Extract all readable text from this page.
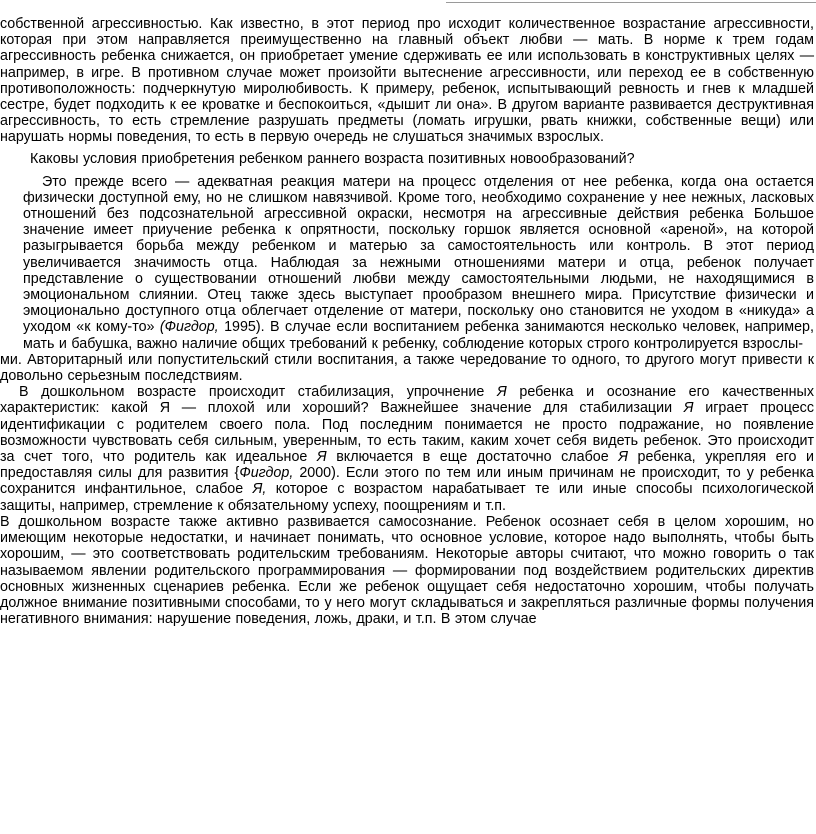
собственной агрессивностью. Как известно, в этот период про исходит количественное возрастание агрессивности, которая при этом направляется преимущественно на главный объект любви — мать. В норме к трем годам агрессивность ребенка снижается, он приобретает умение сдерживать ее или использовать в конструктивных целях — например, в игре. В противном случае может произойти вытеснение агрессивности, или переход ее в собственную противоположность: подчеркнутую миролюбивость. К примеру, ребенок, испытывающий ревность и гнев к младшей сестре, будет подходить к ее кроватке и беспокоиться, «дышит ли она». В другом варианте развивается деструктивная агрессивность, то есть стремление разрушать предметы (ломать игрушки, рвать книжки, собственные вещи) или нарушать нормы поведения, то есть в первую очередь не слушаться значимых взрослых.

Каковы условия приобретения ребенком раннего возраста позитивных новообразований?

Это прежде всего — адекватная реакция матери на процесс отделения от нее ребенка, когда она остается физически доступной ему, но не слишком навязчивой. Кроме того, необходимо сохранение у нее нежных, ласковых отношений без подсознательной агрессивной окраски, несмотря на агрессивные действия ребенка Большое значение имеет приучение ребенка к опрятности, поскольку горшок является основной «ареной», на которой разыгрывается борьба между ребенком и матерью за самостоятельность или контроль. В этот период увеличивается значимость отца. Наблюдая за нежными отношениями матери и отца, ребенок получает представление о существовании отношений любви между самостоятельными людьми, не находящимися в эмоциональном слиянии. Отец также здесь выступает прообразом внешнего мира. Присутствие физически и эмоционально доступного отца облегчает отделение от матери, поскольку оно становится не уходом в «никуда» а уходом «к кому-то» (Фигдор, 1995). В случае если воспитанием ребенка занимаются несколько человек, например, мать и бабушка, важно наличие общих требований к ребенку, соблюдение которых строго контролируется взрослы-

ми. Авторитарный или попустительский стили воспитания, а также чередование то одного, то другого могут привести к довольно серьезным последствиям.

В дошкольном возрасте происходит стабилизация, упрочнение Я ребенка и осознание его качественных характеристик: какой Я — плохой или хороший? Важнейшее значение для стабилизации Я играет процесс идентификации с родителем своего пола. Под последним понимается не просто подражание, но появление возможности чувствовать себя сильным, уверенным, то есть таким, каким хочет себя видеть ребенок. Это происходит за счет того, что родитель как идеальное Я включается в еще достаточно слабое Я ребенка, укрепляя его и предоставляя силы для развития {Фигдор, 2000). Если этого по тем или иным причинам не происходит, то у ребенка сохранится инфантильное, слабое Я, которое с возрастом нарабатывает те или иные способы психологической защиты, например, стремление к обязательному успеху, поощрениям и т.п.

В дошкольном возрасте также активно развивается самосознание. Ребенок осознает себя в целом хорошим, но имеющим некоторые недостатки, и начинает понимать, что основное условие, которое надо выполнять, чтобы быть хорошим, — это соответствовать родительским требованиям. Некоторые авторы считают, что можно говорить о так называемом явлении родительского программирования — формировании под воздействием родительских директив основных жизненных сценариев ребенка. Если же ребенок ощущает себя недостаточно хорошим, чтобы получать должное внимание позитивными способами, то у него могут складываться и закрепляться различные формы получения негативного внимания: нарушение поведения, ложь, драки, и т.п. В этом случае
